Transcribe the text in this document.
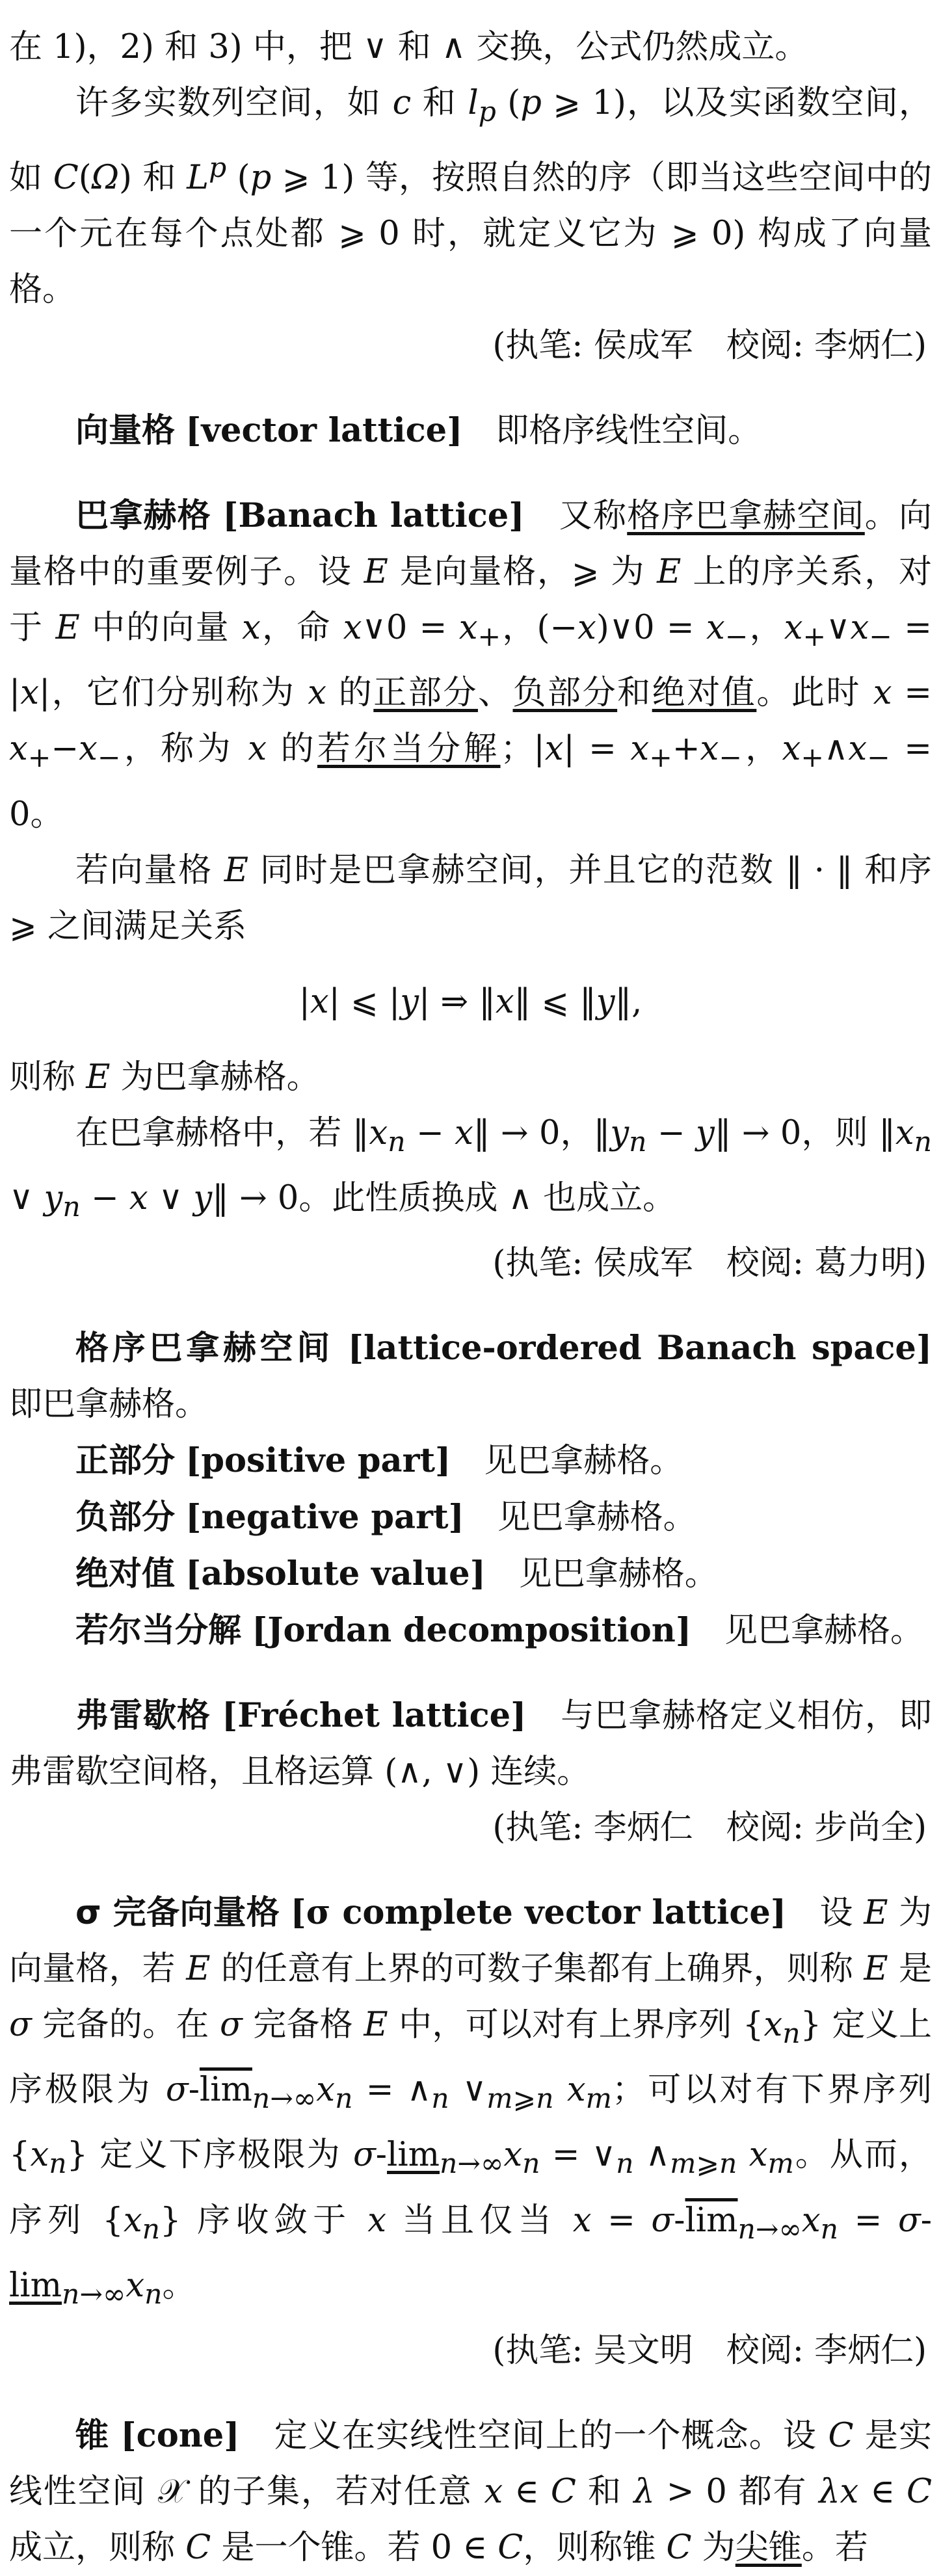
在 1)，2) 和 3) 中，把 ∨ 和 ∧ 交换，公式仍然成立。

许多实数列空间，如 c 和 $l_p$ (p ⩾ 1)，以及实函数空间，如 C(Ω) 和 $L^p$ (p ⩾ 1) 等，按照自然的序（即当这些空间中的一个元在每个点处都 ⩾ 0 时，就定义它为 ⩾ 0) 构成了向量格。

(执笔: 侯成军　校阅: 李炳仁)

向量格 [vector lattice]　 即格序线性空间。

巴拿赫格 [Banach lattice]　又称格序巴拿赫空间。向量格中的重要例子。设 E 是向量格，⩾ 为 E 上的序关系，对于 E 中的向量 x，命 x∨0 = $x_+$，(−x)∨0 = $x_-$，$x_+\vee x_- = |x|$，它们分别称为 x 的正部分、负部分和绝对值。此时 $x = x_+-x_-$，称为 x 的若尔当分解；$|x| = x_++x_-$，$x_+\wedge x_- = 0$。

若向量格 E 同时是巴拿赫空间，并且它的范数 ‖ · ‖ 和序 ⩾ 之间满足关系

|x| ⩽ |y| ⇒ ‖x‖ ⩽ ‖y‖,

则称 E 为巴拿赫格。

在巴拿赫格中，若 $‖x_n$ − x‖ → 0，$‖y_n$ − y‖ → 0，则 $‖x_n$ ∨ $y_n - x$ ∨ y‖ → 0。此性质换成 ∧ 也成立。

(执笔: 侯成军　校阅: 葛力明)

格序巴拿赫空间 [lattice-ordered Banach space] 即巴拿赫格。

正部分 [positive part]　 见巴拿赫格。

负部分 [negative part]　 见巴拿赫格。

绝对值 [absolute value]　 见巴拿赫格。

若尔当分解 [Jordan decomposition]　 见巴拿赫格。

弗雷歇格 [Fréchet lattice]　 与巴拿赫格定义相仿，即弗雷歇空间格，且格运算 (∧, ∨) 连续。

(执笔: 李炳仁　校阅: 步尚全)

σ 完备向量格 [σ complete vector lattice]　设 E 为向量格，若 E 的任意有上界的可数子集都有上确界，则称 E 是 σ 完备的。在 σ 完备格 E 中，可以对有上界序列 $\{x_n\}$ 定义上序极限为 $\sigma-\overline{lim}_{n\to\infty}x_n$ = $\wedge_n$ $\vee_{m⩾n}$ $x_m$；可以对有下界序列 $\{x_n\}$ 定义下序极限为 $\sigma-\lim_{n\to\infty}x_n$ = $\vee_n$ $\wedge_{m⩾n}$ $x_m$。从而，序列 $\{x_n\}$ 序收敛于 x 当且仅当 $x = \sigma-\overline{lim}_{n\to\infty}x_n = \sigma-\lim_{n\to\infty}x_n$。

(执笔: 吴文明　校阅: 李炳仁)

锥 [cone]　定义在实线性空间上的一个概念。设 C 是实线性空间 𝒳 的子集，若对任意 x ∈ C 和 λ > 0 都有 λx ∈ C 成立，则称 C 是一个锥。若 0 ∈ C，则称锥 C 为尖锥。若
